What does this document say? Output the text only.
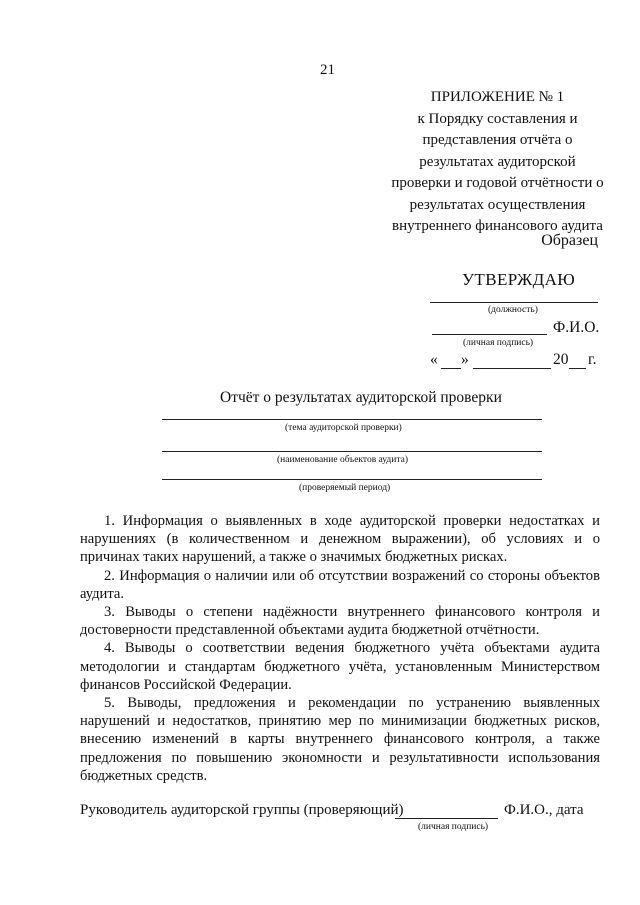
21
ПРИЛОЖЕНИЕ № 1
к Порядку составления и
представления отчёта о
результатах аудиторской
проверки и годовой отчётности о
результатах осуществления
внутреннего финансового аудита
Образец
УТВЕРЖДАЮ
(должность)
Ф.И.О.
(личная подпись)
« »	20 г.
Отчёт о результатах аудиторской проверки
(тема аудиторской проверки)
(наименование объектов аудита)
(проверяемый период)

1. Информация о выявленных в ходе аудиторской проверки недостатках и нарушениях (в количественном и денежном выражении), об условиях и о причинах таких нарушений, а также о значимых бюджетных рисках.

2. Информация о наличии или об отсутствии возражений со стороны объектов аудита.

3. Выводы о степени надёжности внутреннего финансового контроля и достоверности представленной объектами аудита бюджетной отчётности.

4. Выводы о соответствии ведения бюджетного учёта объектами аудита методологии и стандартам бюджетного учёта, установленным Министерством финансов Российской Федерации.

5. Выводы, предложения и рекомендации по устранению выявленных нарушений и недостатков, принятию мер по минимизации бюджетных рисков, внесению изменений в карты внутреннего финансового контроля, а также предложения по повышению экономности и результативности использования бюджетных средств.

Руководитель аудиторской группы (проверяющий)	Ф.И.О., дата
(личная подпись)
